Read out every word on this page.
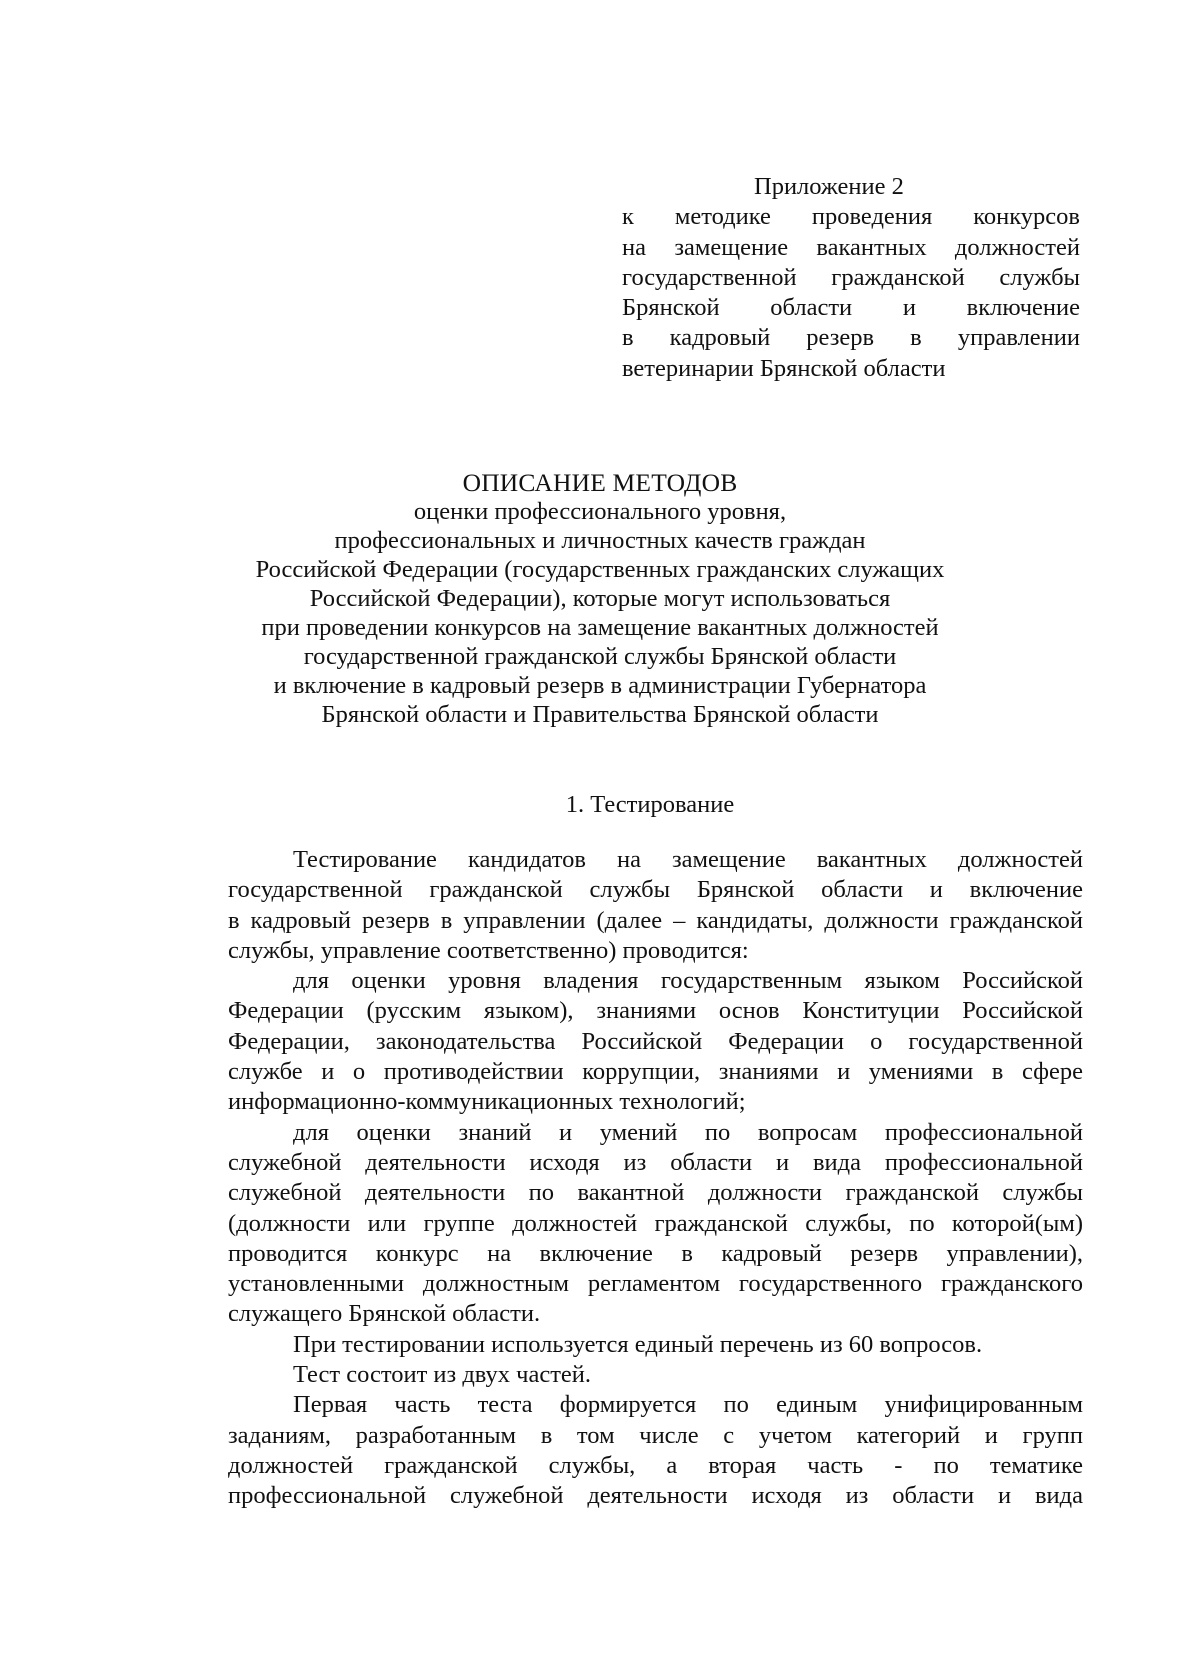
Приложение 2
к методике проведения конкурсов
на замещение вакантных должностей
государственной гражданской службы
Брянской области и включение
в кадровый резерв в управлении
ветеринарии Брянской области
ОПИСАНИЕ МЕТОДОВ
оценки профессионального уровня,
профессиональных и личностных качеств граждан
Российской Федерации (государственных гражданских служащих
Российской Федерации), которые могут использоваться
при проведении конкурсов на замещение вакантных должностей
государственной гражданской службы Брянской области
и включение в кадровый резерв в администрации Губернатора
Брянской области и Правительства Брянской области
1. Тестирование
Тестирование кандидатов на замещение вакантных должностей
государственной гражданской службы Брянской области и включение
в кадровый резерв в управлении (далее – кандидаты, должности гражданской
службы, управление соответственно) проводится:
для оценки уровня владения государственным языком Российской
Федерации (русским языком), знаниями основ Конституции Российской
Федерации, законодательства Российской Федерации о государственной
службе и о противодействии коррупции, знаниями и умениями в сфере
информационно-коммуникационных технологий;
для оценки знаний и умений по вопросам профессиональной
служебной деятельности исходя из области и вида профессиональной
служебной деятельности по вакантной должности гражданской службы
(должности или группе должностей гражданской службы, по которой(ым)
проводится конкурс на включение в кадровый резерв управлении),
установленными должностным регламентом государственного гражданского
служащего Брянской области.
При тестировании используется единый перечень из 60 вопросов.
Тест состоит из двух частей.
Первая часть теста формируется по единым унифицированным
заданиям, разработанным в том числе с учетом категорий и групп
должностей гражданской службы, а вторая часть - по тематике
профессиональной служебной деятельности исходя из области и вида
